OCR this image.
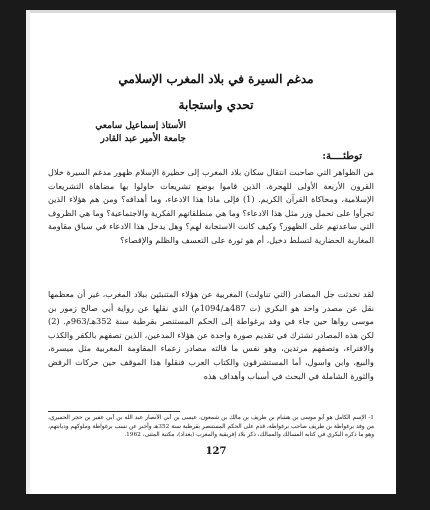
مدغم السيرة في بلاد المغرب الإسلامي
تحدي واستجابة
الأستاذ إسماعيل سامعي
جامعة الأمير عبد القادر
توطئــــة:
من الظواهر التي صاحبت انتقال سكان بلاد المغرب إلى حظيرة الإسلام ظهور مدغم السيرة خلال القرون الأربعة الأولى للهجرة، الذين قاموا بوضع تشريعات حاولوا بها مضاهاة التشريعات الإسلامية، ومحاكاة القرآن الكريم. (1) فإلى ماذا هذا الادعاء، وما أهدافه؟ ومن هم هؤلاء الذين تجرأوا على تحمل وزر مثل هذا الادعاء؟ وما هي منطلقاتهم الفكرية والاجتماعية؟ وما هي الظروف التي ساعدتهم على الظهور؟ وكيف كانت الاستجابة لهم؟ وهل يدخل هذا الادعاء في سياق مقاومة المغاربة الحضارية لتسلط دخيل، أم هو ثورة على التعسف والظلم والإقصاء؟
لقد تحدثت جل المصادر (التي تناولت) المغربية عن هؤلاء المتنبئين ببلاد المغرب، غير أن معظمها نقل عن مصدر واحد هو البكري (ت 487هـ/1094م) الذي نقلها عن رواية أبي صالح زمور بن موسى رواها حين جاء في وفد برغواطة إلى الحكم المستنصر بقرطبة سنة 352هـ/963م. (2) لكن هذه المصادر تشترك في تقديم صورة واحدة عن هؤلاء المدعين، الذين تصفهم بالكفر والكذب والافتراء، وتصفهم مرتدين، وهو نفس ما قالته مصادر زعماء المقاومة المغربية مثل ميسرة، والبيع، وابن واسول، أما المستشرقون والكتاب العرب فنقلوا هذا الموقف حين حركات الرفض والثورة الشاملة في البحث في أسباب وأهداف هذه
1- الإسم الكامل هو أبو موسى بن هشام بن طريف بن مالك بن شمعون، عيسى بن أبي الأنصار عبد الله بن أبي عفير بن حجر الحميري، من وفد برغواطة بن طريف صاحب برغواطة، قدم على الحكم المستنصر بقرطبة سنة 352هـ وأخبر عن نسب برغواطة وملوكهم وديانتهم، وهو ما ذكره البكري في كتابه المسالك والممالك، ذكر بلاد إفريقية والمغرب (بغداد)، مكتبة المثنى، 1962.
127
